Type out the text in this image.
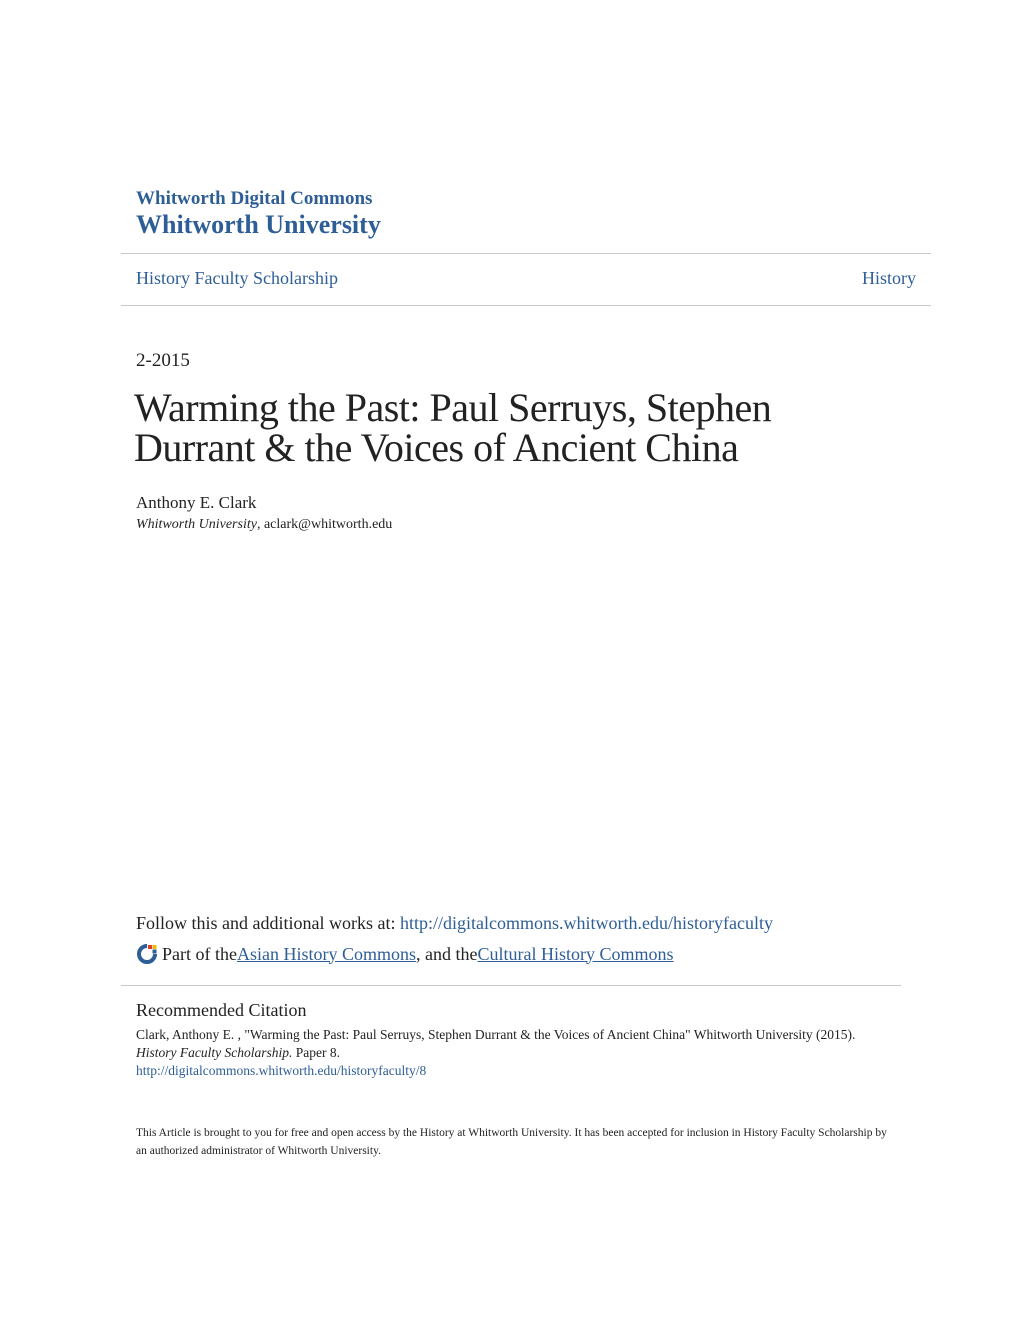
Whitworth Digital Commons
Whitworth University
History Faculty Scholarship	History
2-2015
Warming the Past: Paul Serruys, Stephen Durrant & the Voices of Ancient China
Anthony E. Clark
Whitworth University, aclark@whitworth.edu
Follow this and additional works at: http://digitalcommons.whitworth.edu/historyfaculty
Part of the Asian History Commons , and the Cultural History Commons
Recommended Citation
Clark, Anthony E. , "Warming the Past: Paul Serruys, Stephen Durrant & the Voices of Ancient China" Whitworth University (2015).
History Faculty Scholarship. Paper 8.
http://digitalcommons.whitworth.edu/historyfaculty/8
This Article is brought to you for free and open access by the History at Whitworth University. It has been accepted for inclusion in History Faculty Scholarship by an authorized administrator of Whitworth University.
